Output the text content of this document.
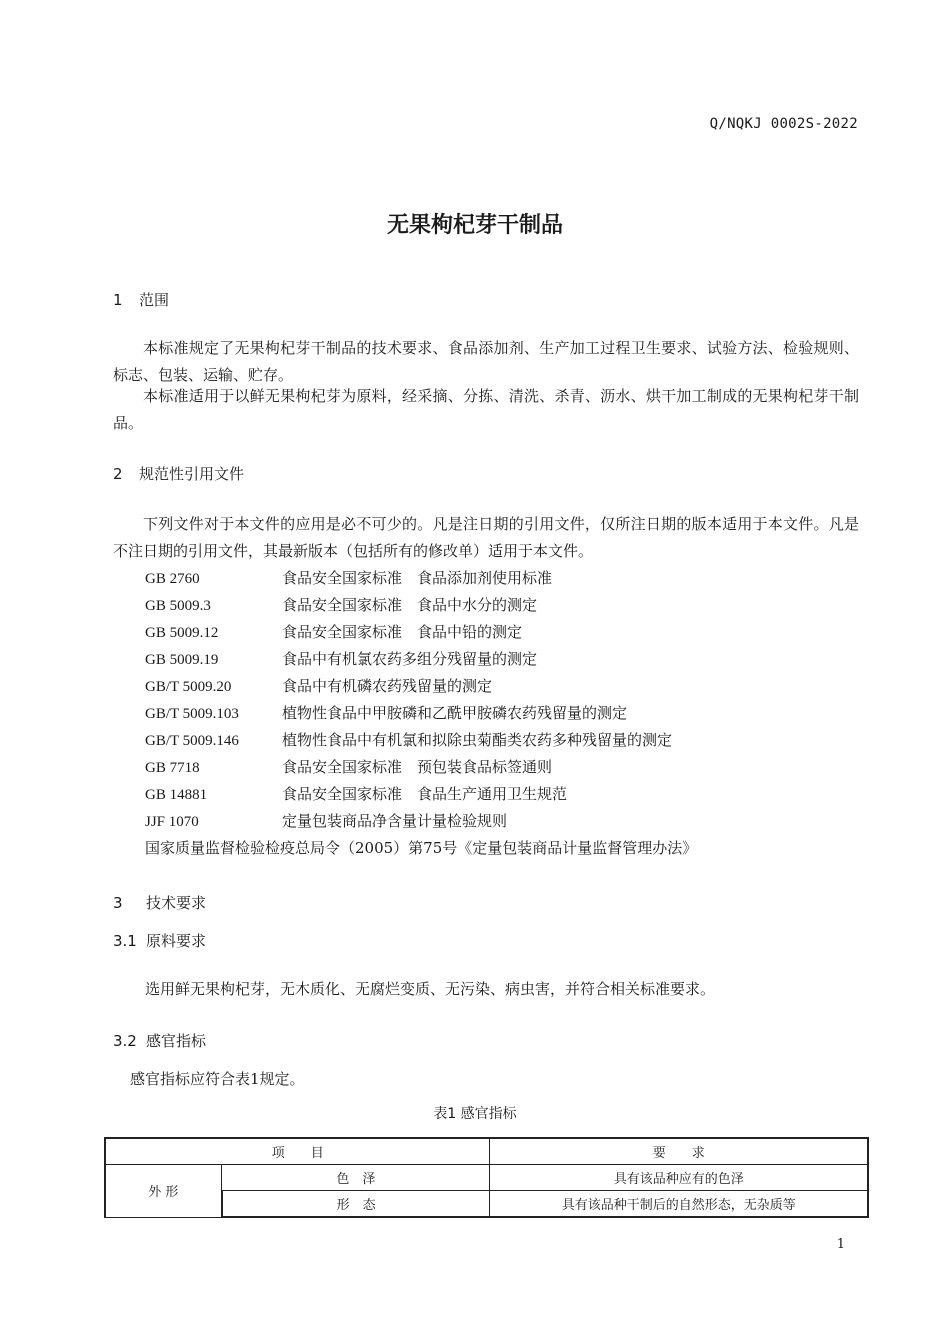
Q/NQKJ 0002S-2022
无果枸杞芽干制品
1 范围
本标准规定了无果枸杞芽干制品的技术要求、食品添加剂、生产加工过程卫生要求、试验方法、检验规则、标志、包装、运输、贮存。
本标准适用于以鲜无果枸杞芽为原料，经采摘、分拣、清洗、杀青、沥水、烘干加工制成的无果枸杞芽干制品。
2 规范性引用文件
下列文件对于本文件的应用是必不可少的。凡是注日期的引用文件，仅所注日期的版本适用于本文件。凡是不注日期的引用文件，其最新版本（包括所有的修改单）适用于本文件。
GB 2760	食品安全国家标准　食品添加剂使用标准
GB 5009.3	食品安全国家标准　食品中水分的测定
GB 5009.12	食品安全国家标准　食品中铅的测定
GB 5009.19	食品中有机氯农药多组分残留量的测定
GB/T 5009.20	食品中有机磷农药残留量的测定
GB/T 5009.103	植物性食品中甲胺磷和乙酰甲胺磷农药残留量的测定
GB/T 5009.146	植物性食品中有机氯和拟除虫菊酯类农药多种残留量的测定
GB 7718	食品安全国家标准　预包装食品标签通则
GB 14881	食品安全国家标准　食品生产通用卫生规范
JJF 1070	定量包装商品净含量计量检验规则
国家质量监督检验检疫总局令（2005）第75号《定量包装商品计量监督管理办法》
3 技术要求
3.1 原料要求
选用鲜无果枸杞芽，无木质化、无腐烂变质、无污染、病虫害，并符合相关标准要求。
3.2 感官指标
感官指标应符合表1规定。
表1 感官指标
项　　目		要　　求
外 形	色　泽	具有该品种应有的色泽
	形　态	具有该品种干制后的自然形态，无杂质等
1
